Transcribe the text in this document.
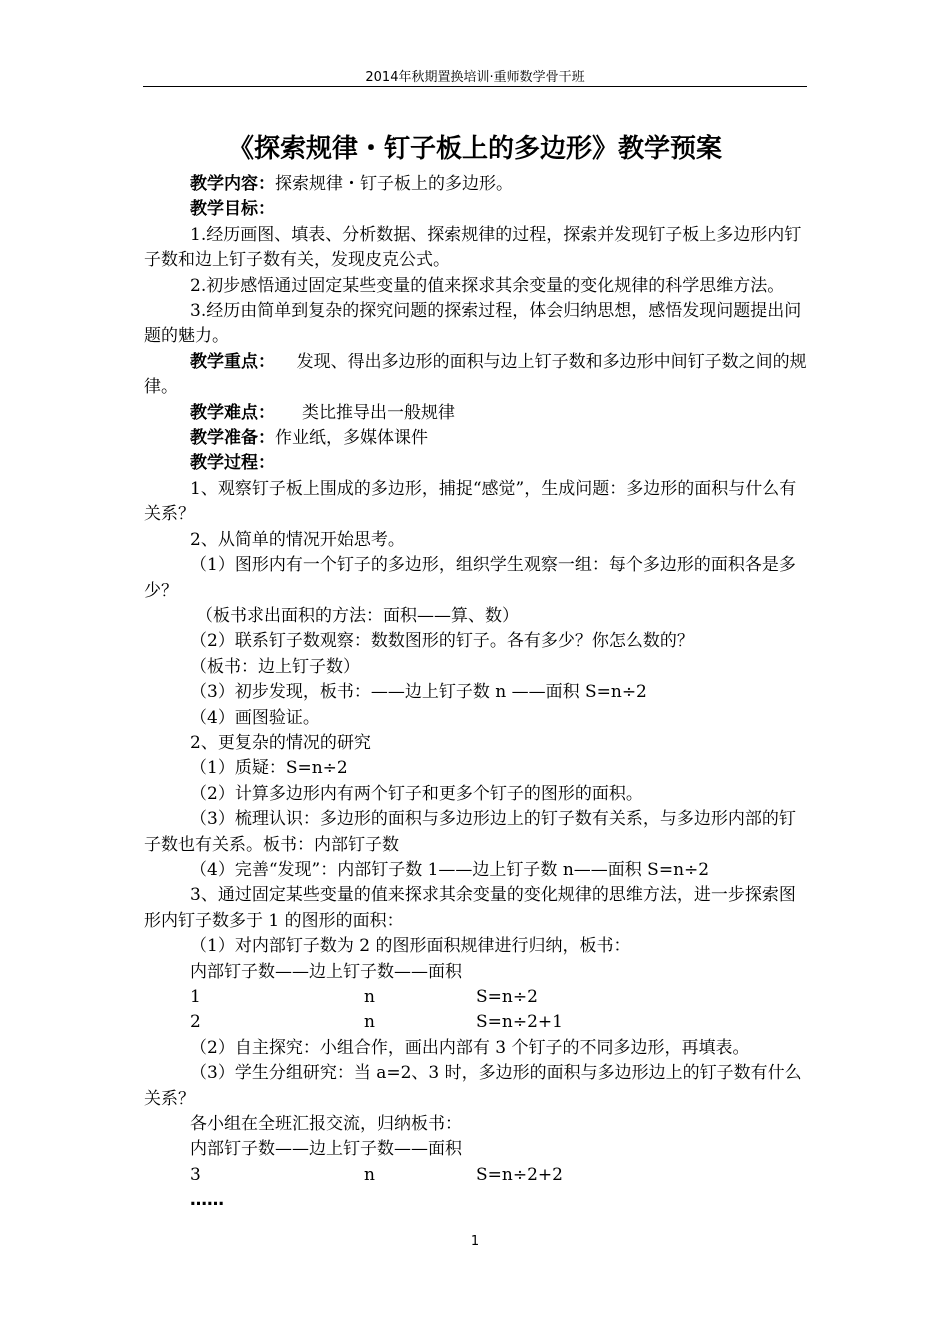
2014年秋期置换培训·重师数学骨干班
《探索规律・钉子板上的多边形》教学预案

教学内容：探索规律・钉子板上的多边形。

教学目标：

1.经历画图、填表、分析数据、探索规律的过程，探索并发现钉子板上多边形内钉子数和边上钉子数有关，发现皮克公式。

2.初步感悟通过固定某些变量的值来探求其余变量的变化规律的科学思维方法。

3.经历由简单到复杂的探究问题的探索过程，体会归纳思想，感悟发现问题提出问题的魅力。

教学重点： 发现、得出多边形的面积与边上钉子数和多边形中间钉子数之间的规律。

教学难点： 类比推导出一般规律

教学准备：作业纸，多媒体课件

教学过程：

1、观察钉子板上围成的多边形，捕捉“感觉”，生成问题：多边形的面积与什么有关系？

2、从简单的情况开始思考。

（1）图形内有一个钉子的多边形，组织学生观察一组：每个多边形的面积各是多少？

（板书求出面积的方法：面积——算、数）

（2）联系钉子数观察：数数图形的钉子。各有多少？你怎么数的？

（板书：边上钉子数）

（3）初步发现，板书：——边上钉子数 n ——面积 S=n÷2

（4）画图验证。

2、更复杂的情况的研究

（1）质疑：S=n÷2

（2）计算多边形内有两个钉子和更多个钉子的图形的面积。

（3）梳理认识：多边形的面积与多边形边上的钉子数有关系，与多边形内部的钉子数也有关系。板书：内部钉子数

（4）完善“发现”：内部钉子数 1——边上钉子数 n——面积 S=n÷2

3、通过固定某些变量的值来探求其余变量的变化规律的思维方法，进一步探索图形内钉子数多于 1 的图形的面积：

（1）对内部钉子数为 2 的图形面积规律进行归纳，板书：

内部钉子数——边上钉子数——面积

1	n	S=n÷2
2	n	S=n÷2+1

（2）自主探究：小组合作，画出内部有 3 个钉子的不同多边形，再填表。

（3）学生分组研究：当 a=2、3 时，多边形的面积与多边形边上的钉子数有什么关系？

各小组在全班汇报交流，归纳板书：

内部钉子数——边上钉子数——面积

3	n	S=n÷2+2

……

1
